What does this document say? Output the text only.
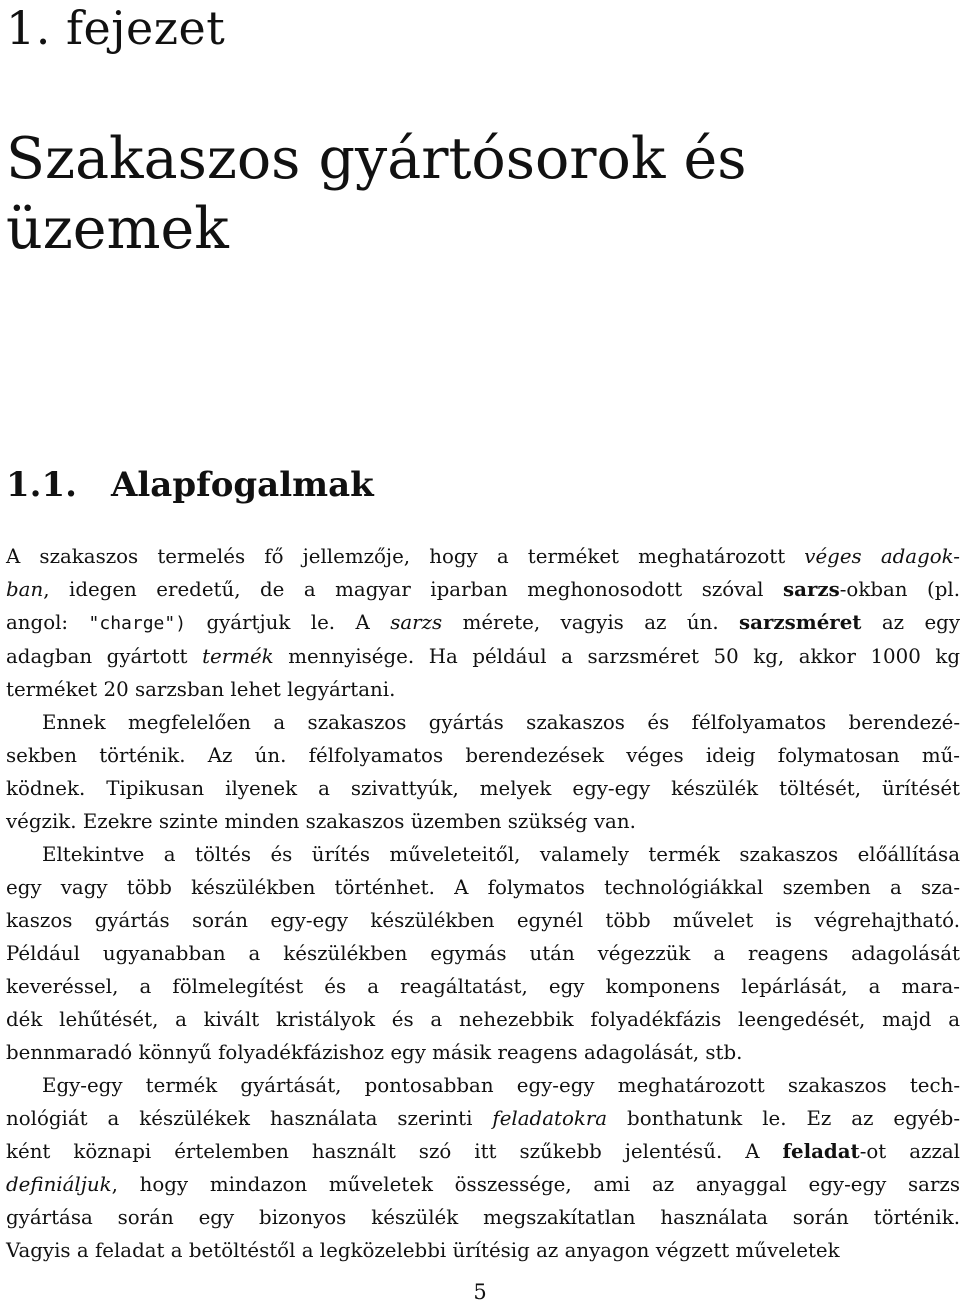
1. fejezet
Szakaszos gyártósorok és üzemek
1.1. Alapfogalmak

A szakaszos termelés fő jellemzője, hogy a terméket meghatározott véges adagok-
ban, idegen eredetű, de a magyar iparban meghonosodott szóval sarzs-okban (pl.
angol: "charge") gyártjuk le. A sarzs mérete, vagyis az ún. sarzsméret az egy
adagban gyártott termék mennyisége. Ha például a sarzsméret 50 kg, akkor 1000 kg
terméket 20 sarzsban lehet legyártani.

Ennek megfelelően a szakaszos gyártás szakaszos és félfolyamatos berendezé-
sekben történik. Az ún. félfolyamatos berendezések véges ideig folymatosan mű-
ködnek. Tipikusan ilyenek a szivattyúk, melyek egy-egy készülék töltését, ürítését
végzik. Ezekre szinte minden szakaszos üzemben szükség van.

Eltekintve a töltés és ürítés műveleteitől, valamely termék szakaszos előállítása
egy vagy több készülékben történhet. A folymatos technológiákkal szemben a sza-
kaszos gyártás során egy-egy készülékben egynél több művelet is végrehajtható.
Például ugyanabban a készülékben egymás után végezzük a reagens adagolását
keveréssel, a fölmelegítést és a reagáltatást, egy komponens lepárlását, a mara-
dék lehűtését, a kivált kristályok és a nehezebbik folyadékfázis leengedését, majd a
bennmaradó könnyű folyadékfázishoz egy másik reagens adagolását, stb.

Egy-egy termék gyártását, pontosabban egy-egy meghatározott szakaszos tech-
nológiát a készülékek használata szerinti feladatokra bonthatunk le. Ez az egyéb-
ként köznapi értelemben használt szó itt szűkebb jelentésű. A feladat-ot azzal
definiáljuk, hogy mindazon műveletek összessége, ami az anyaggal egy-egy sarzs
gyártása során egy bizonyos készülék megszakítatlan használata során történik.
Vagyis a feladat a betöltéstől a legközelebbi ürítésig az anyagon végzett műveletek

5
